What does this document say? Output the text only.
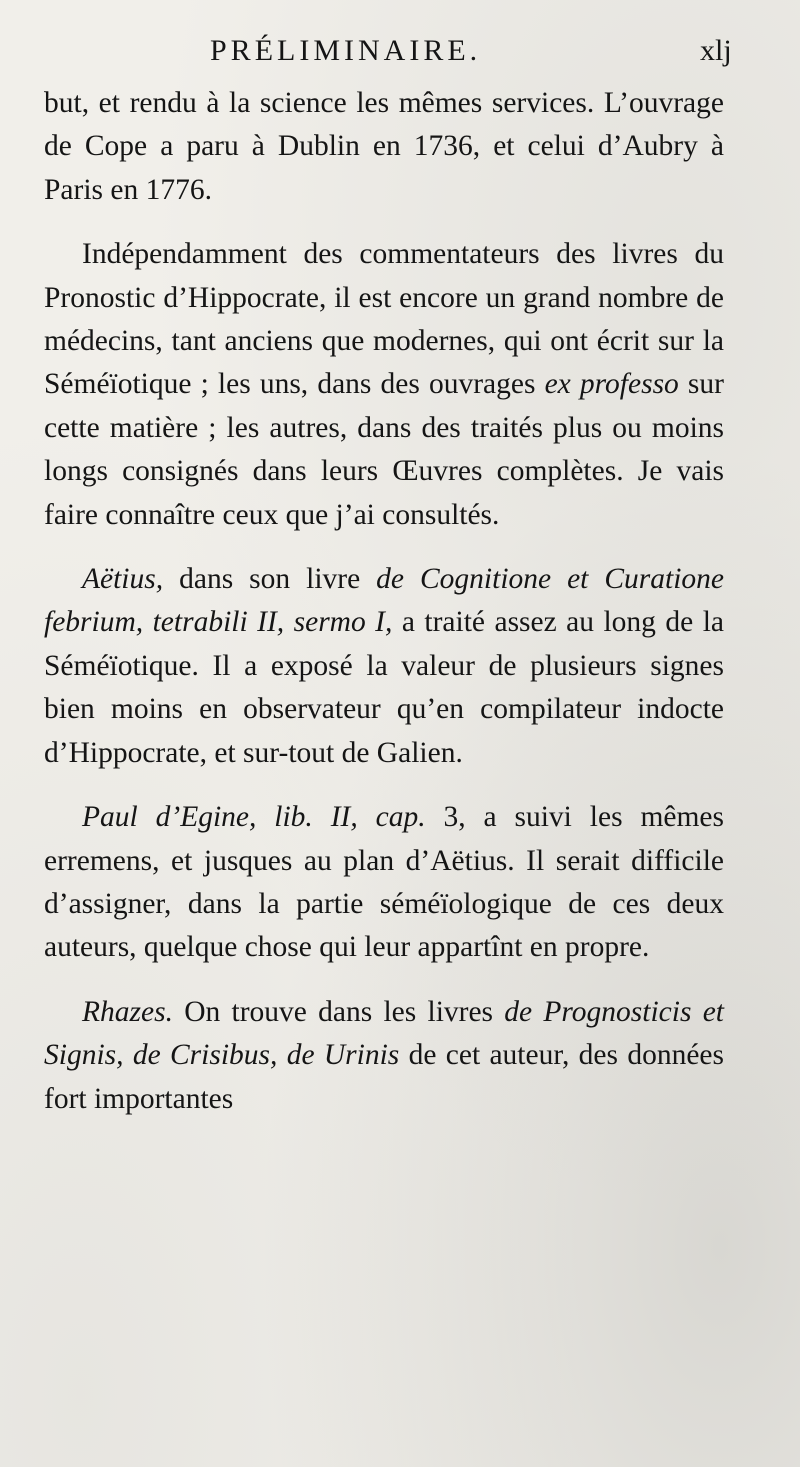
PRÉLIMINAIRE.	xlj

but, et rendu à la science les mêmes services. L’ouvrage de Cope a paru à Dublin en 1736, et celui d’Aubry à Paris en 1776.

Indépendamment des commentateurs des livres du Pronostic d’Hippocrate, il est encore un grand nombre de médecins, tant anciens que modernes, qui ont écrit sur la Séméïotique ; les uns, dans des ouvrages ex professo sur cette matière ; les autres, dans des traités plus ou moins longs consignés dans leurs Œuvres complètes. Je vais faire connaître ceux que j’ai consultés.

Aëtius, dans son livre de Cognitione et Curatione febrium, tetrabili II, sermo I, a traité assez au long de la Séméïotique. Il a exposé la valeur de plusieurs signes bien moins en observateur qu’en compilateur indocte d’Hippocrate, et sur-tout de Galien.

Paul d’Egine, lib. II, cap. 3, a suivi les mêmes erremens, et jusques au plan d’Aëtius. Il serait difficile d’assigner, dans la partie séméïologique de ces deux auteurs, quelque chose qui leur appartînt en propre.

Rhazes. On trouve dans les livres de Prognosticis et Signis, de Crisibus, de Urinis de cet auteur, des données fort importantes
